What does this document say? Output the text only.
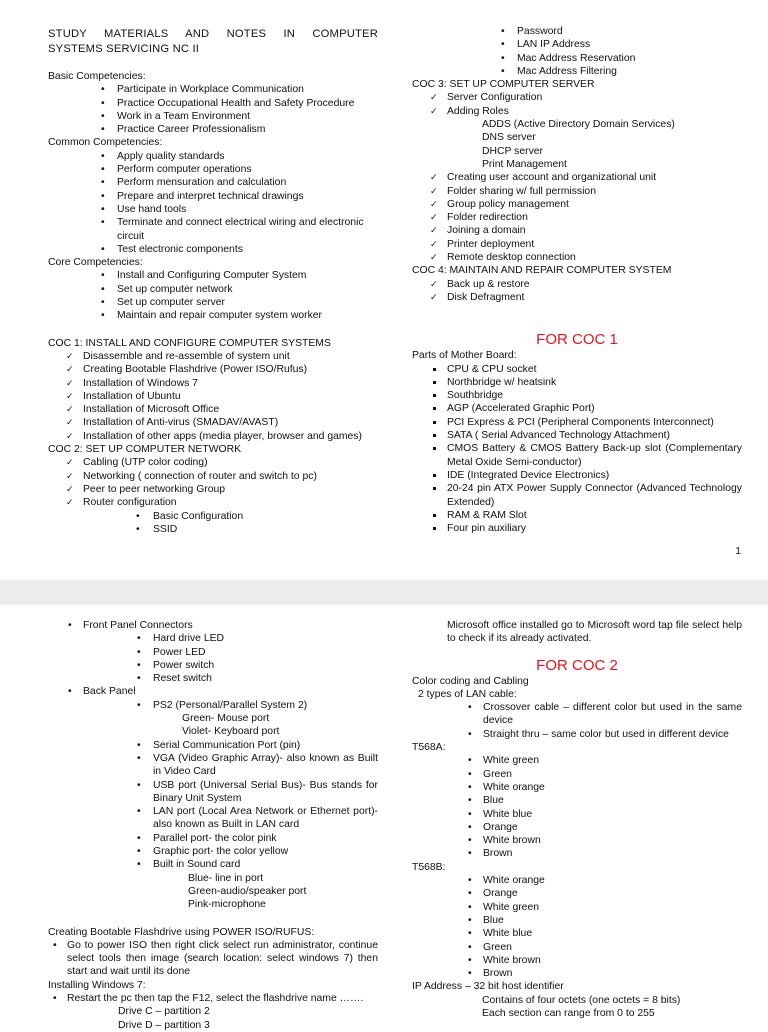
STUDY MATERIALS AND NOTES IN COMPUTER
SYSTEMS SERVICING NC II
Basic Competencies:
• Participate in Workplace Communication
• Practice Occupational Health and Safety Procedure
• Work in a Team Environment
• Practice Career Professionalism
Common Competencies:
• Apply quality standards
• Perform computer operations
• Perform mensuration and calculation
• Prepare and interpret technical drawings
• Use hand tools
• Terminate and connect electrical wiring and electronic circuit
• Test electronic components
Core Competencies:
• Install and Configuring Computer System
• Set up computer network
• Set up computer server
• Maintain and repair computer system worker
COC 1: INSTALL AND CONFIGURE COMPUTER SYSTEMS
✓ Disassemble and re-assemble of system unit
✓ Creating Bootable Flashdrive (Power ISO/Rufus)
✓ Installation of Windows 7
✓ Installation of Ubuntu
✓ Installation of Microsoft Office
✓ Installation of Anti-virus (SMADAV/AVAST)
✓ Installation of other apps (media player, browser and games)
COC 2: SET UP COMPUTER NETWORK
✓ Cabling (UTP color coding)
✓ Networking ( connection of router and switch to pc)
✓ Peer to peer networking Group
✓ Router configuration
• Basic Configuration
• SSID
• Password
• LAN IP Address
• Mac Address Reservation
• Mac Address Filtering
COC 3: SET UP COMPUTER SERVER
✓ Server Configuration
✓ Adding Roles
ADDS (Active Directory Domain Services)
DNS server
DHCP server
Print Management
✓ Creating user account and organizational unit
✓ Folder sharing w/ full permission
✓ Group policy management
✓ Folder redirection
✓ Joining a domain
✓ Printer deployment
✓ Remote desktop connection
COC 4: MAINTAIN AND REPAIR COMPUTER SYSTEM
✓ Back up & restore
✓ Disk Defragment
FOR COC 1
Parts of Mother Board:
CPU & CPU socket
Northbridge w/ heatsink
Southbridge
AGP (Accelerated Graphic Port)
PCI Express & PCI (Peripheral Components Interconnect)
SATA ( Serial Advanced Technology Attachment)
CMOS Battery & CMOS Battery Back-up slot (Complementary Metal Oxide Semi-conductor)
IDE (Integrated Device Electronics)
20-24 pin ATX Power Supply Connector (Advanced Technology Extended)
RAM & RAM Slot
Four pin auxiliary
1
• Front Panel Connectors
• Hard drive LED
• Power LED
• Power switch
• Reset switch
• Back Panel
• PS2 (Personal/Parallel System 2)
Green- Mouse port
Violet- Keyboard port
• Serial Communication Port (pin)
• VGA (Video Graphic Array)- also known as Built in Video Card
• USB port (Universal Serial Bus)- Bus stands for Binary Unit System
• LAN port (Local Area Network or Ethernet port)- also known as Built in LAN card
• Parallel port- the color pink
• Graphic port- the color yellow
• Built in Sound card
Blue- line in port
Green-audio/speaker port
Pink-microphone
Creating Bootable Flashdrive using POWER ISO/RUFUS:
• Go to power ISO then right click select run administrator, continue select tools then image (search location: select windows 7) then start and wait until its done
Installing Windows 7:
• Restart the pc then tap the F12, select the flashdrive name …….
Drive C – partition 2
Drive D – partition 3
Microsoft office installed go to Microsoft word tap file select help to check if its already activated.
FOR COC 2
Color coding and Cabling
2 types of LAN cable:
• Crossover cable – different color but used in the same device
• Straight thru – same color but used in different device
T568A:
• White green
• Green
• White orange
• Blue
• White blue
• Orange
• White brown
• Brown
T568B:
• White orange
• Orange
• White green
• Blue
• White blue
• Green
• White brown
• Brown
IP Address – 32 bit host identifier
Contains of four octets (one octets = 8 bits)
Each section can range from 0 to 255
